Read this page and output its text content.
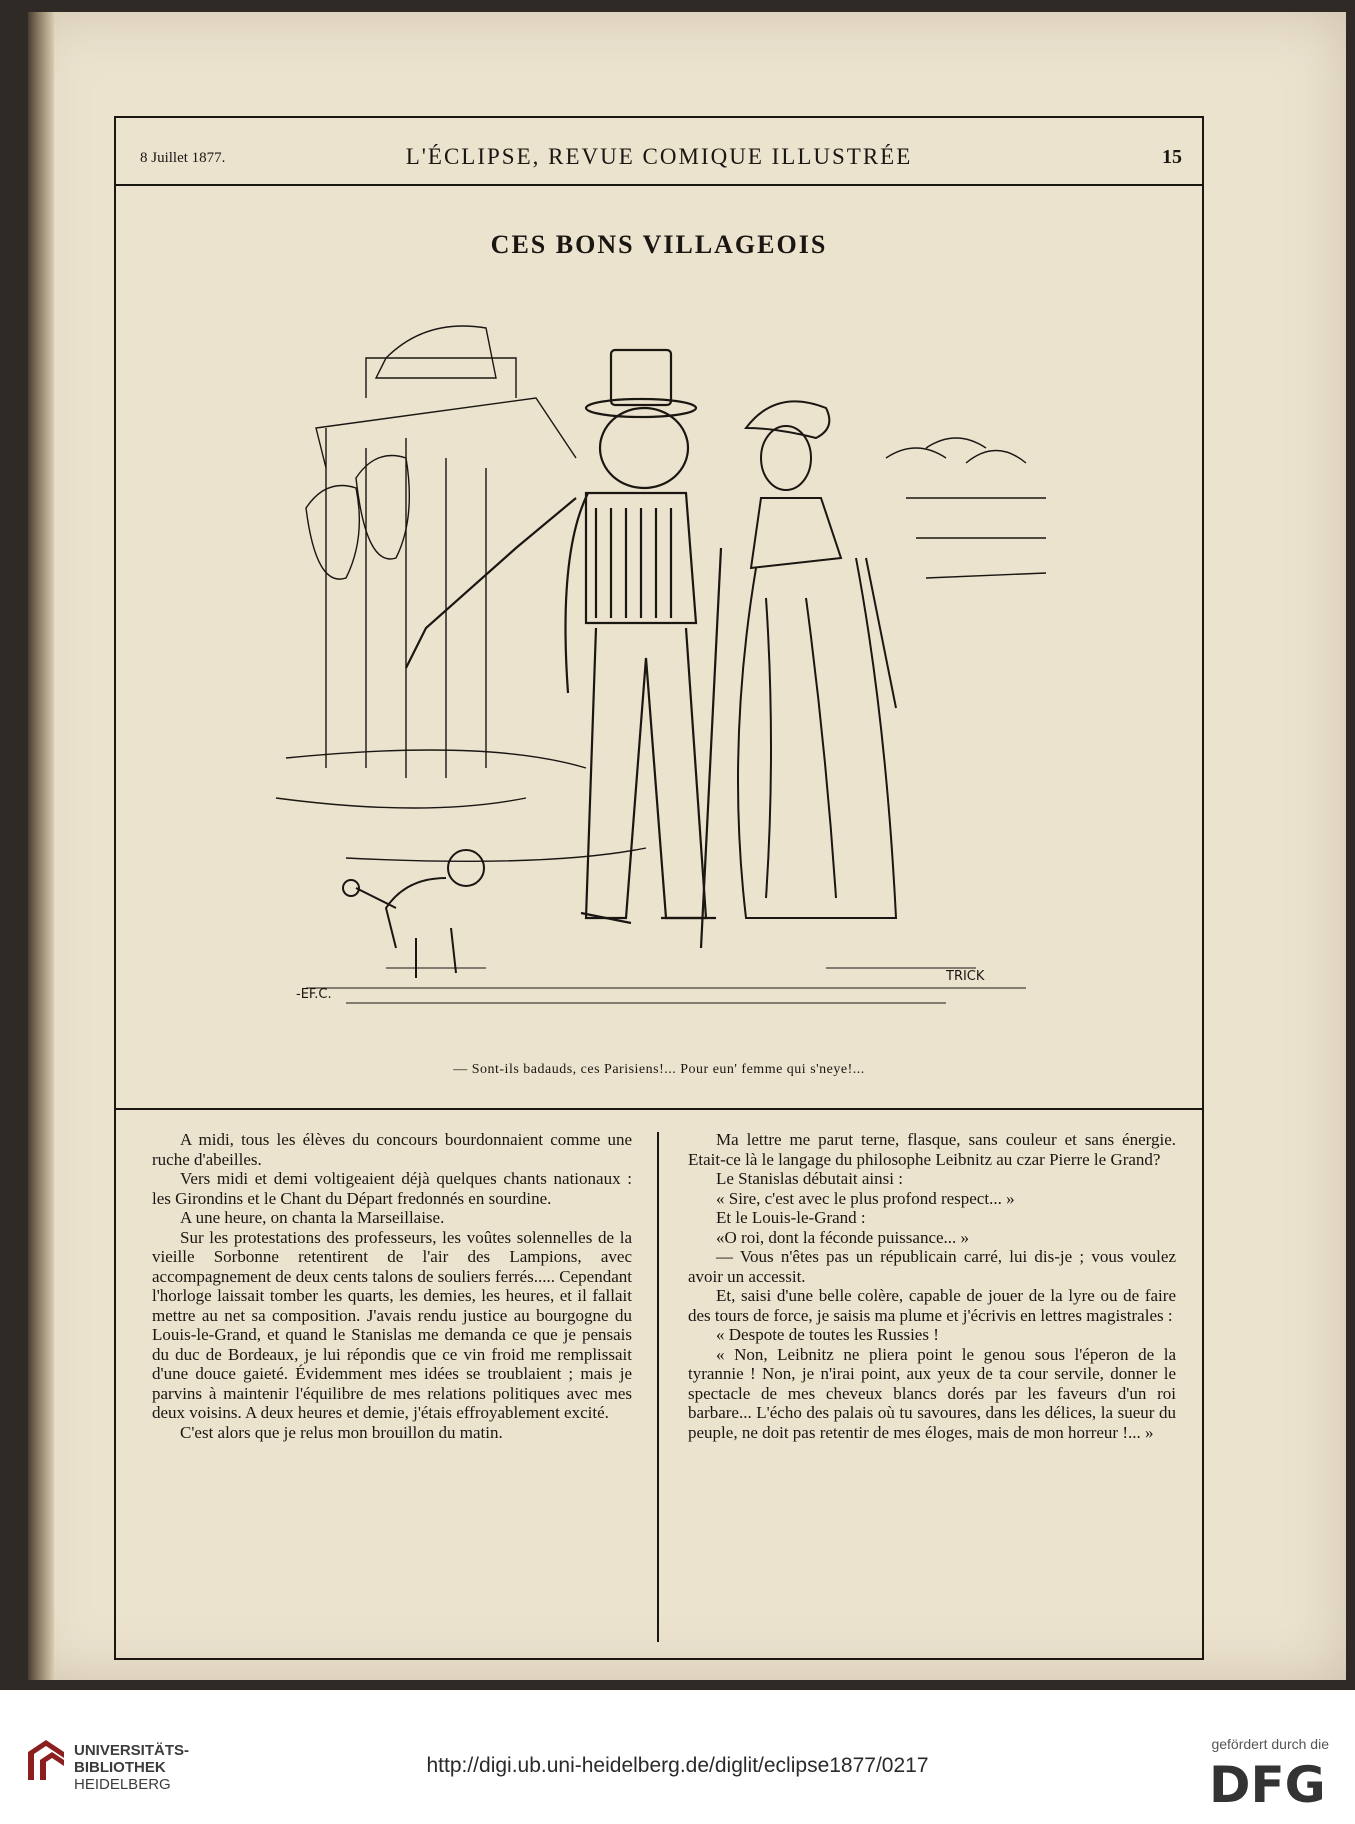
8 Juillet 1877.	L'ÉCLIPSE, REVUE COMIQUE ILLUSTRÉE	15
CES BONS VILLAGEOIS
-EF.C.
TRICK
— Sont-ils badauds, ces Parisiens!... Pour eun' femme qui s'neye!...

A midi, tous les élèves du concours bourdonnaient comme une ruche d'abeilles.

Vers midi et demi voltigeaient déjà quelques chants nationaux : les Girondins et le Chant du Départ fredonnés en sourdine.

A une heure, on chanta la Marseillaise.

Sur les protestations des professeurs, les voûtes solennelles de la vieille Sorbonne retentirent de l'air des Lampions, avec accompagnement de deux cents talons de souliers ferrés..... Cependant l'horloge laissait tomber les quarts, les demies, les heures, et il fallait mettre au net sa composition. J'avais rendu justice au bourgogne du Louis-le-Grand, et quand le Stanislas me demanda ce que je pensais du duc de Bordeaux, je lui répondis que ce vin froid me remplissait d'une douce gaieté. Évidemment mes idées se troublaient ; mais je parvins à maintenir l'équilibre de mes relations politiques avec mes deux voisins. A deux heures et demie, j'étais effroyablement excité.

C'est alors que je relus mon brouillon du matin.

Ma lettre me parut terne, flasque, sans couleur et sans énergie. Etait-ce là le langage du philosophe Leibnitz au czar Pierre le Grand?

Le Stanislas débutait ainsi :

« Sire, c'est avec le plus profond respect... »

Et le Louis-le-Grand :

«O roi, dont la féconde puissance... »

— Vous n'êtes pas un républicain carré, lui dis-je ; vous voulez avoir un accessit.

Et, saisi d'une belle colère, capable de jouer de la lyre ou de faire des tours de force, je saisis ma plume et j'écrivis en lettres magistrales :

« Despote de toutes les Russies !

« Non, Leibnitz ne pliera point le genou sous l'éperon de la tyrannie ! Non, je n'irai point, aux yeux de ta cour servile, donner le spectacle de mes cheveux blancs dorés par les faveurs d'un roi barbare... L'écho des palais où tu savoures, dans les délices, la sueur du peuple, ne doit pas retentir de mes éloges, mais de mon horreur !... »

UNIVERSITÄTS-
BIBLIOTHEK
HEIDELBERG
http://digi.ub.uni-heidelberg.de/diglit/eclipse1877/0217
gefördert durch die
DFG
